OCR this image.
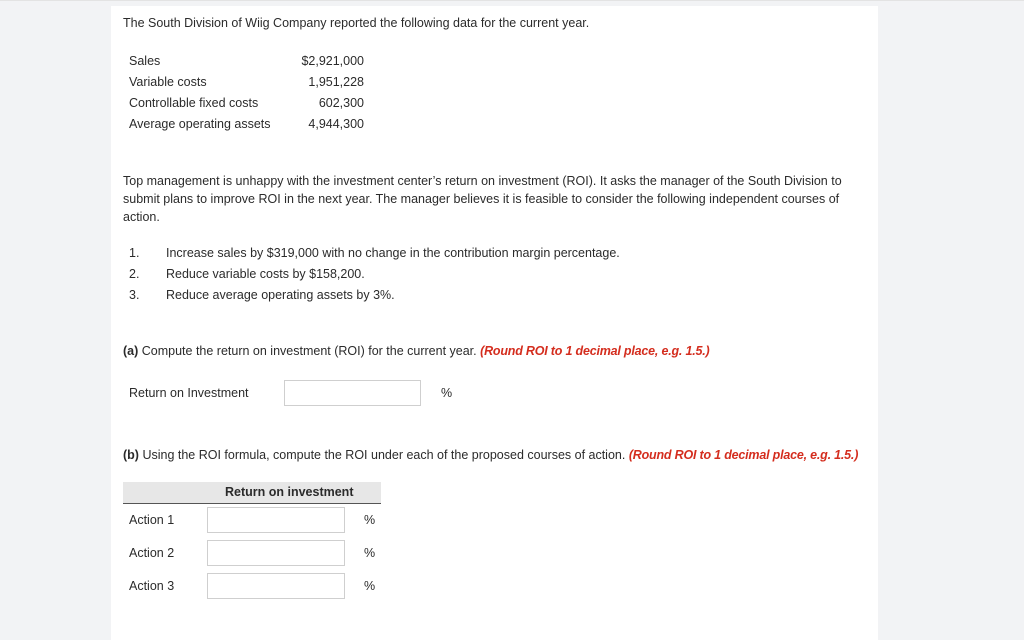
The South Division of Wiig Company reported the following data for the current year.
Sales	$2,921,000
Variable costs	1,951,228
Controllable fixed costs	602,300
Average operating assets	4,944,300
Top management is unhappy with the investment center’s return on investment (ROI). It asks the manager of the South Division to submit plans to improve ROI in the next year. The manager believes it is feasible to consider the following independent courses of action.
1. Increase sales by $319,000 with no change in the contribution margin percentage.
2. Reduce variable costs by $158,200.
3. Reduce average operating assets by 3%.
(a) Compute the return on investment (ROI) for the current year. (Round ROI to 1 decimal place, e.g. 1.5.)
Return on Investment	%
(b) Using the ROI formula, compute the ROI under each of the proposed courses of action. (Round ROI to 1 decimal place, e.g. 1.5.)
Return on investment
Action 1	%
Action 2	%
Action 3	%
